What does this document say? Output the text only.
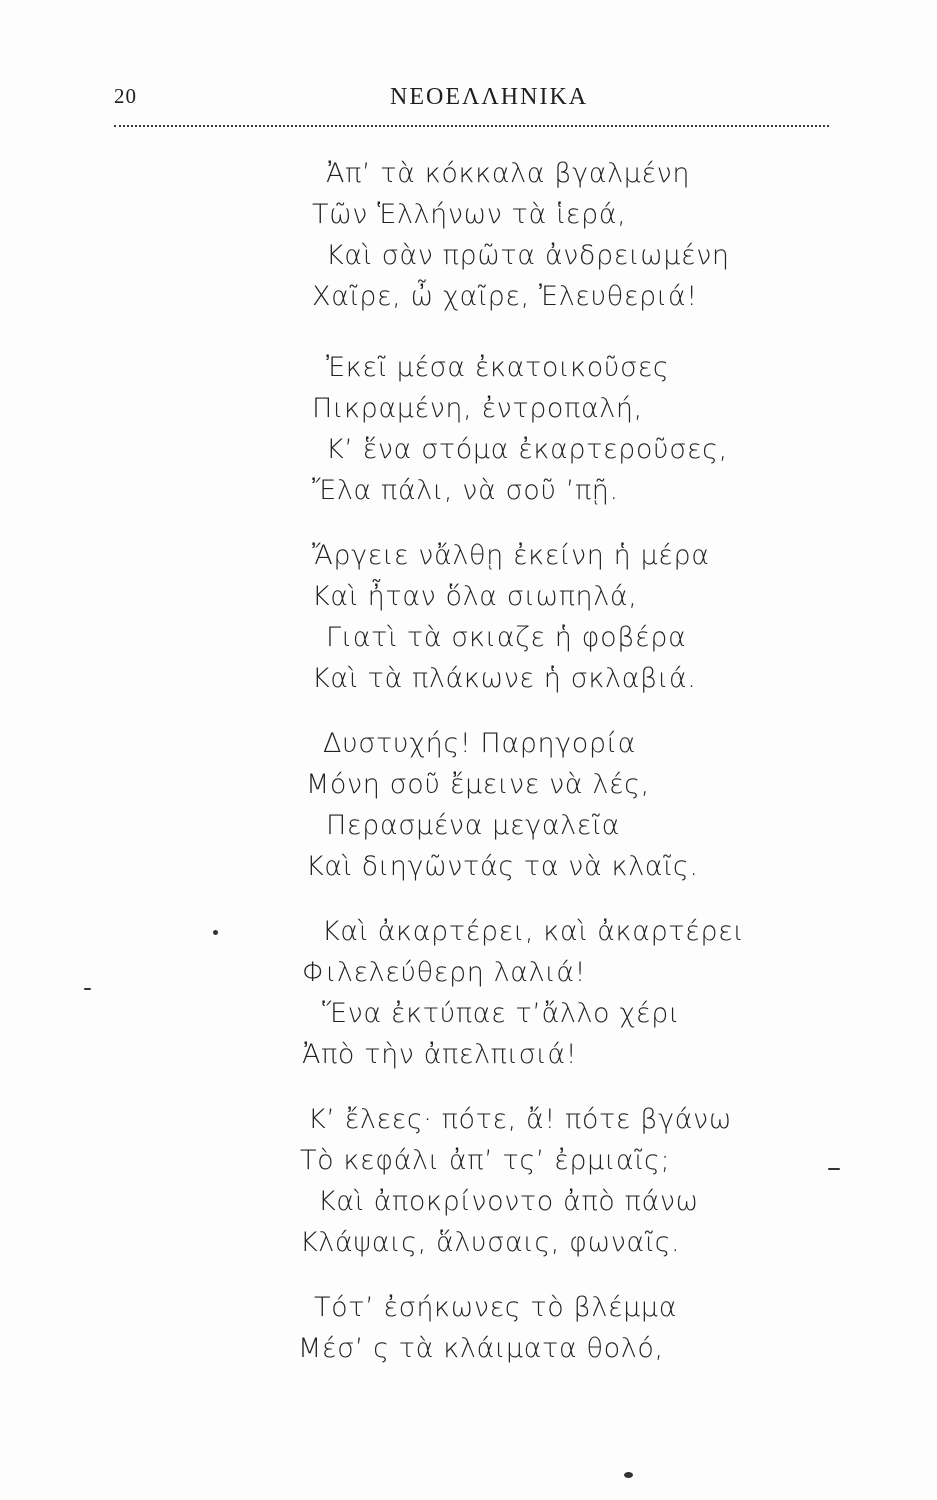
20	ΝΕΟΕΛΛΗΝΙΚΑ
Ἀπ’ τὰ κόκκαλα βγαλμένη
Τῶν Ἑλλήνων τὰ ἱερά,
Καὶ σὰν πρῶτα ἀνδρειωμένη
Χαῖρε, ὦ χαῖρε, Ἐλευθεριά!
Ἐκεῖ μέσα ἐκατοικοῦσες
Πικραμένη, ἐντροπαλή,
Κ’ ἕνα στόμα ἐκαρτεροῦσες,
Ἔλα πάλι, νὰ σοῦ ’πῇ.
Ἄργειε νἄλθῃ ἐκείνη ἡ μέρα
Καὶ ἦταν ὅλα σιωπηλά,
Γιατὶ τὰ σκιαζε ἡ φοβέρα
Καὶ τὰ πλάκωνε ἡ σκλαβιά.
Δυστυχής! Παρηγορία
Μόνη σοῦ ἔμεινε νὰ λές,
Περασμένα μεγαλεῖα
Καὶ διηγῶντάς τα νὰ κλαῖς.
Καὶ ἀκαρτέρει, καὶ ἀκαρτέρει
Φιλελεύθερη λαλιά!
Ἕνα ἐκτύπαε τ’ἄλλο χέρι
Ἀπὸ τὴν ἀπελπισιά!
Κ’ ἔλεες· πότε, ἄ! πότε βγάνω
Τὸ κεφάλι ἀπ’ τς’ ἐρμιαῖς;
Καὶ ἀποκρίνοντο ἀπὸ πάνω
Κλάψαις, ἅλυσαις, φωναῖς.
Τότ’ ἐσήκωνες τὸ βλέμμα
Μέσ’ ς τὰ κλάιματα θολό,
